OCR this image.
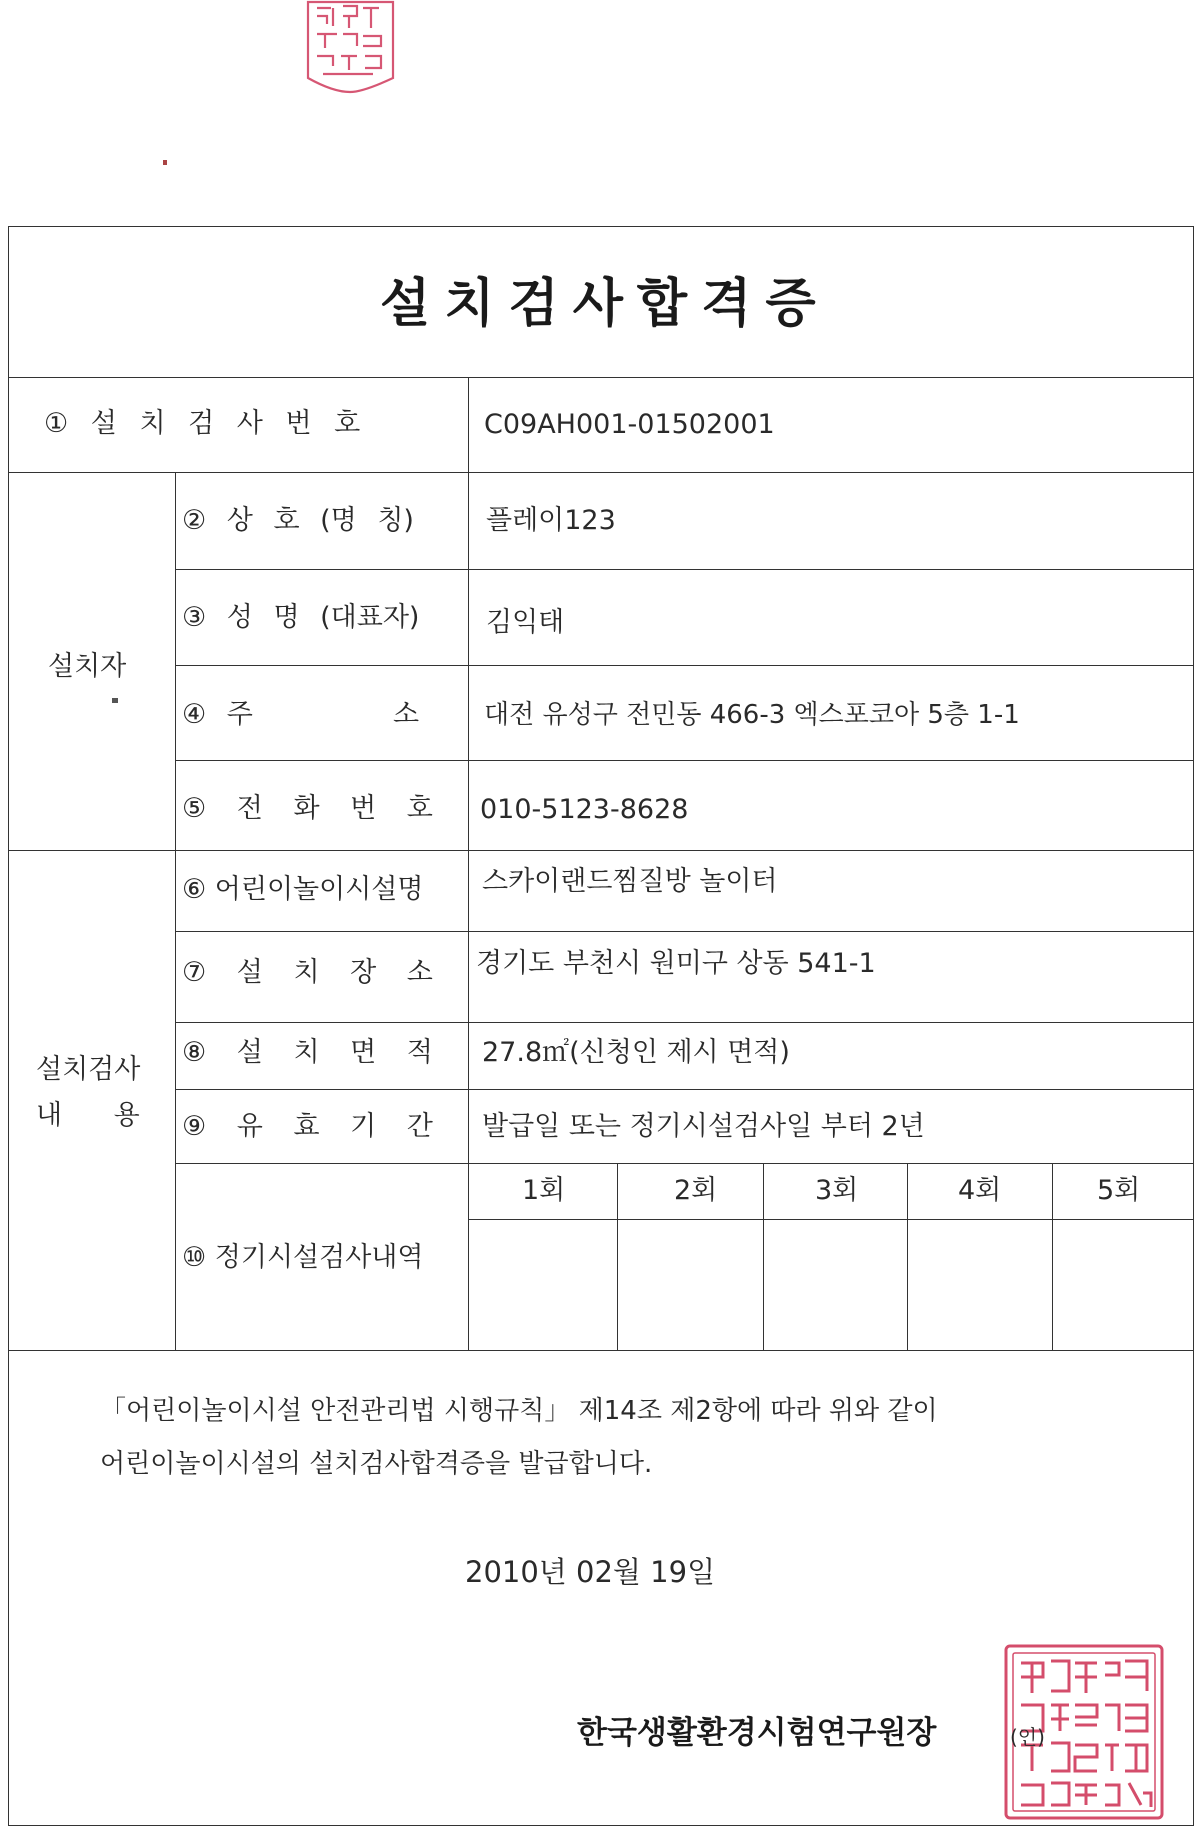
설치검사합격증
① 설 치 검 사 번 호	C09AH001-01502001
설치자
② 상 호 (명 칭)	플레이123
③ 성 명 (대표자) 김익태
④ 주	소 대전 유성구 전민동 466-3 엑스포코아 5층 1-1
⑤ 전 화 번 호 010-5123-8628
설치검사
내      용
⑥ 어린이놀이시설명 스카이랜드찜질방 놀이터
⑦ 설 치 장 소 경기도 부천시 원미구 상동 541-1
⑧ 설 치 면 적 27.8㎡(신청인 제시 면적)
⑨ 유 효 기 간 발급일 또는 정기시설검사일 부터 2년
⑩ 정기시설검사내역
1회	2회	3회	4회	5회
「어린이놀이시설 안전관리법 시행규칙」 제14조 제2항에 따라 위와 같이
어린이놀이시설의 설치검사합격증을 발급합니다.
2010년 02월 19일
한국생활환경시험연구원장	(인)
